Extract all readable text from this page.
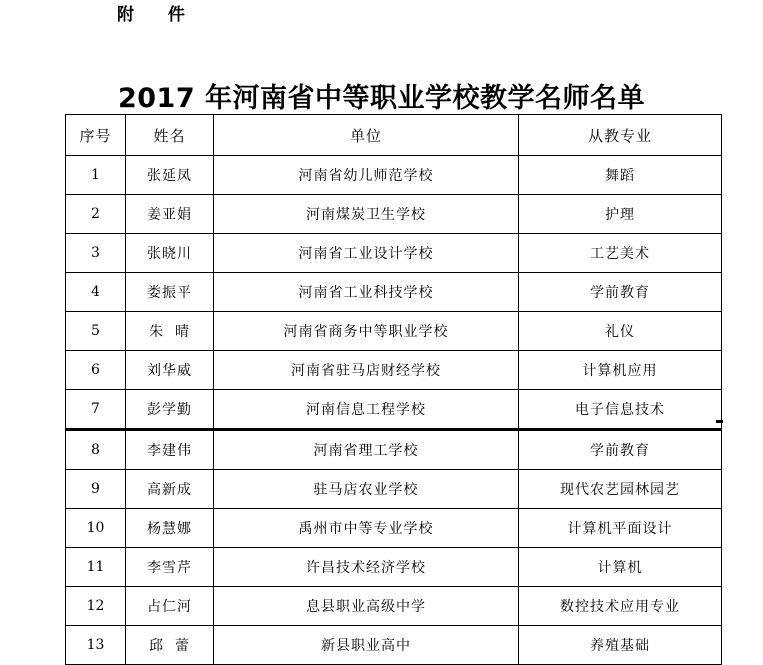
附 件
2017 年河南省中等职业学校教学名师名单
序号	姓名	单位	从教专业
1	张延凤	河南省幼儿师范学校	舞蹈
2	姜亚娟	河南煤炭卫生学校	护理
3	张晓川	河南省工业设计学校	工艺美术
4	娄振平	河南省工业科技学校	学前教育
5	朱  晴	河南省商务中等职业学校	礼仪
6	刘华威	河南省驻马店财经学校	计算机应用
7	彭学勤	河南信息工程学校	电子信息技术
8	李建伟	河南省理工学校	学前教育
9	高新成	驻马店农业学校	现代农艺园林园艺
10	杨慧娜	禹州市中等专业学校	计算机平面设计
11	李雪芹	许昌技术经济学校	计算机
12	占仁河	息县职业高级中学	数控技术应用专业
13	邱  蕾	新县职业高中	养殖基础
